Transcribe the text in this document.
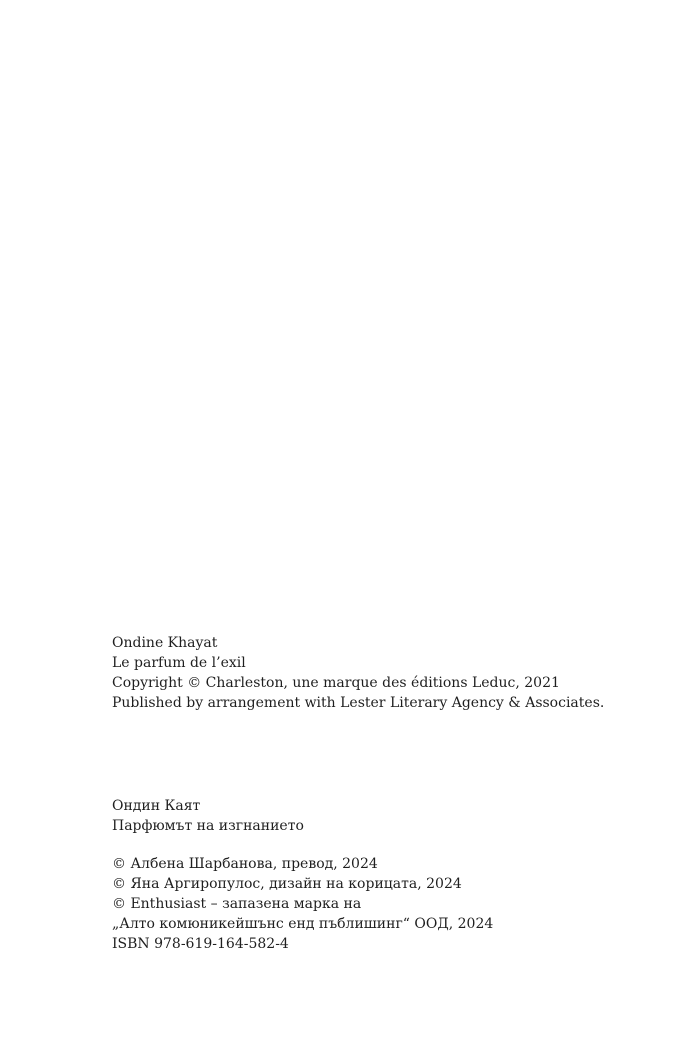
Ondine Khayat
Le parfum de l’exil
Copyright © Charleston, une marque des éditions Leduc, 2021
Published by arrangement with Lester Literary Agency & Associates.
Ондин Каят
Парфюмът на изгнанието
© Албена Шарбанова, превод, 2024
© Яна Аргиропулос, дизайн на корицата, 2024
© Enthusiast – запазена марка на
„Алто комюникейшънс енд пъблишинг“ ООД, 2024
ISBN 978-619-164-582-4
